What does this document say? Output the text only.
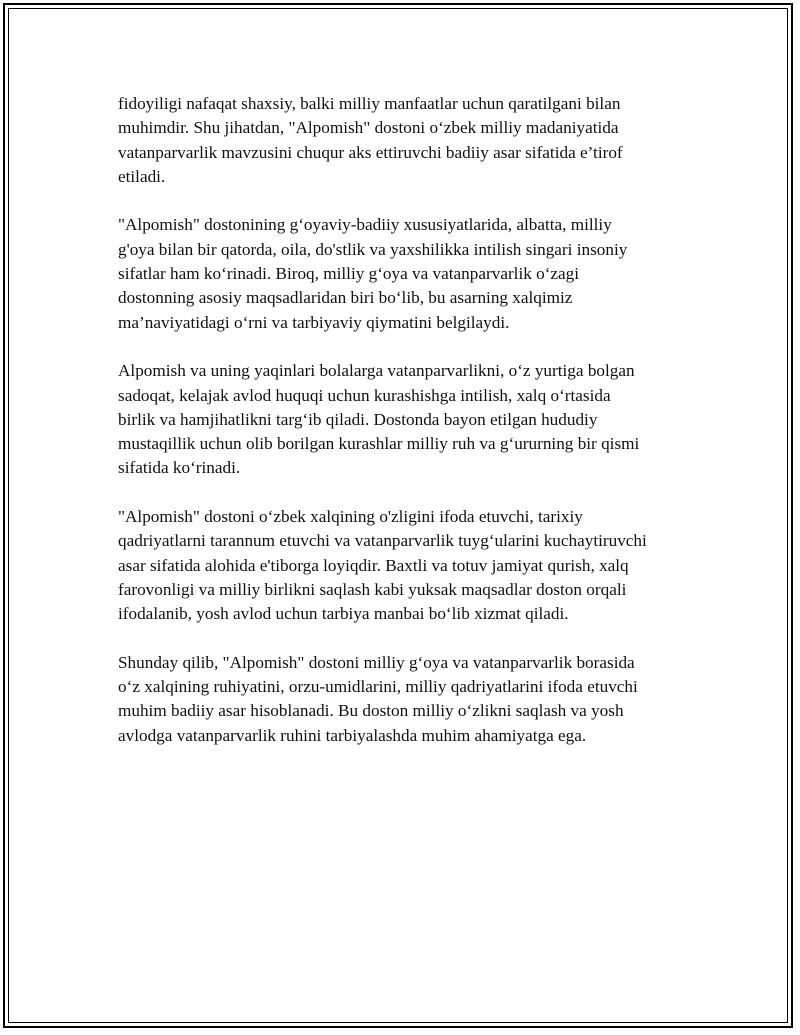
fidoyiligi nafaqat shaxsiy, balki milliy manfaatlar uchun qaratilgani bilan
muhimdir. Shu jihatdan, "Alpomish" dostoni o‘zbek milliy madaniyatida
vatanparvarlik mavzusini chuqur aks ettiruvchi badiiy asar sifatida e’tirof
etiladi.

"Alpomish" dostonining g‘oyaviy-badiiy xususiyatlarida, albatta, milliy
g'oya bilan bir qatorda, oila, do'stlik va yaxshilikka intilish singari insoniy
sifatlar ham ko‘rinadi. Biroq, milliy g‘oya va vatanparvarlik o‘zagi
dostonning asosiy maqsadlaridan biri bo‘lib, bu asarning xalqimiz
ma’naviyatidagi o‘rni va tarbiyaviy qiymatini belgilaydi.

Alpomish va uning yaqinlari bolalarga vatanparvarlikni, o‘z yurtiga bolgan
sadoqat, kelajak avlod huquqi uchun kurashishga intilish, xalq o‘rtasida
birlik va hamjihatlikni targ‘ib qiladi. Dostonda bayon etilgan hududiy
mustaqillik uchun olib borilgan kurashlar milliy ruh va g‘ururning bir qismi
sifatida ko‘rinadi.

"Alpomish" dostoni o‘zbek xalqining o'zligini ifoda etuvchi, tarixiy
qadriyatlarni tarannum etuvchi va vatanparvarlik tuyg‘ularini kuchaytiruvchi
asar sifatida alohida e'tiborga loyiqdir. Baxtli va totuv jamiyat qurish, xalq
farovonligi va milliy birlikni saqlash kabi yuksak maqsadlar doston orqali
ifodalanib, yosh avlod uchun tarbiya manbai bo‘lib xizmat qiladi.

Shunday qilib, "Alpomish" dostoni milliy g‘oya va vatanparvarlik borasida
o‘z xalqining ruhiyatini, orzu-umidlarini, milliy qadriyatlarini ifoda etuvchi
muhim badiiy asar hisoblanadi. Bu doston milliy o‘zlikni saqlash va yosh
avlodga vatanparvarlik ruhini tarbiyalashda muhim ahamiyatga ega.
